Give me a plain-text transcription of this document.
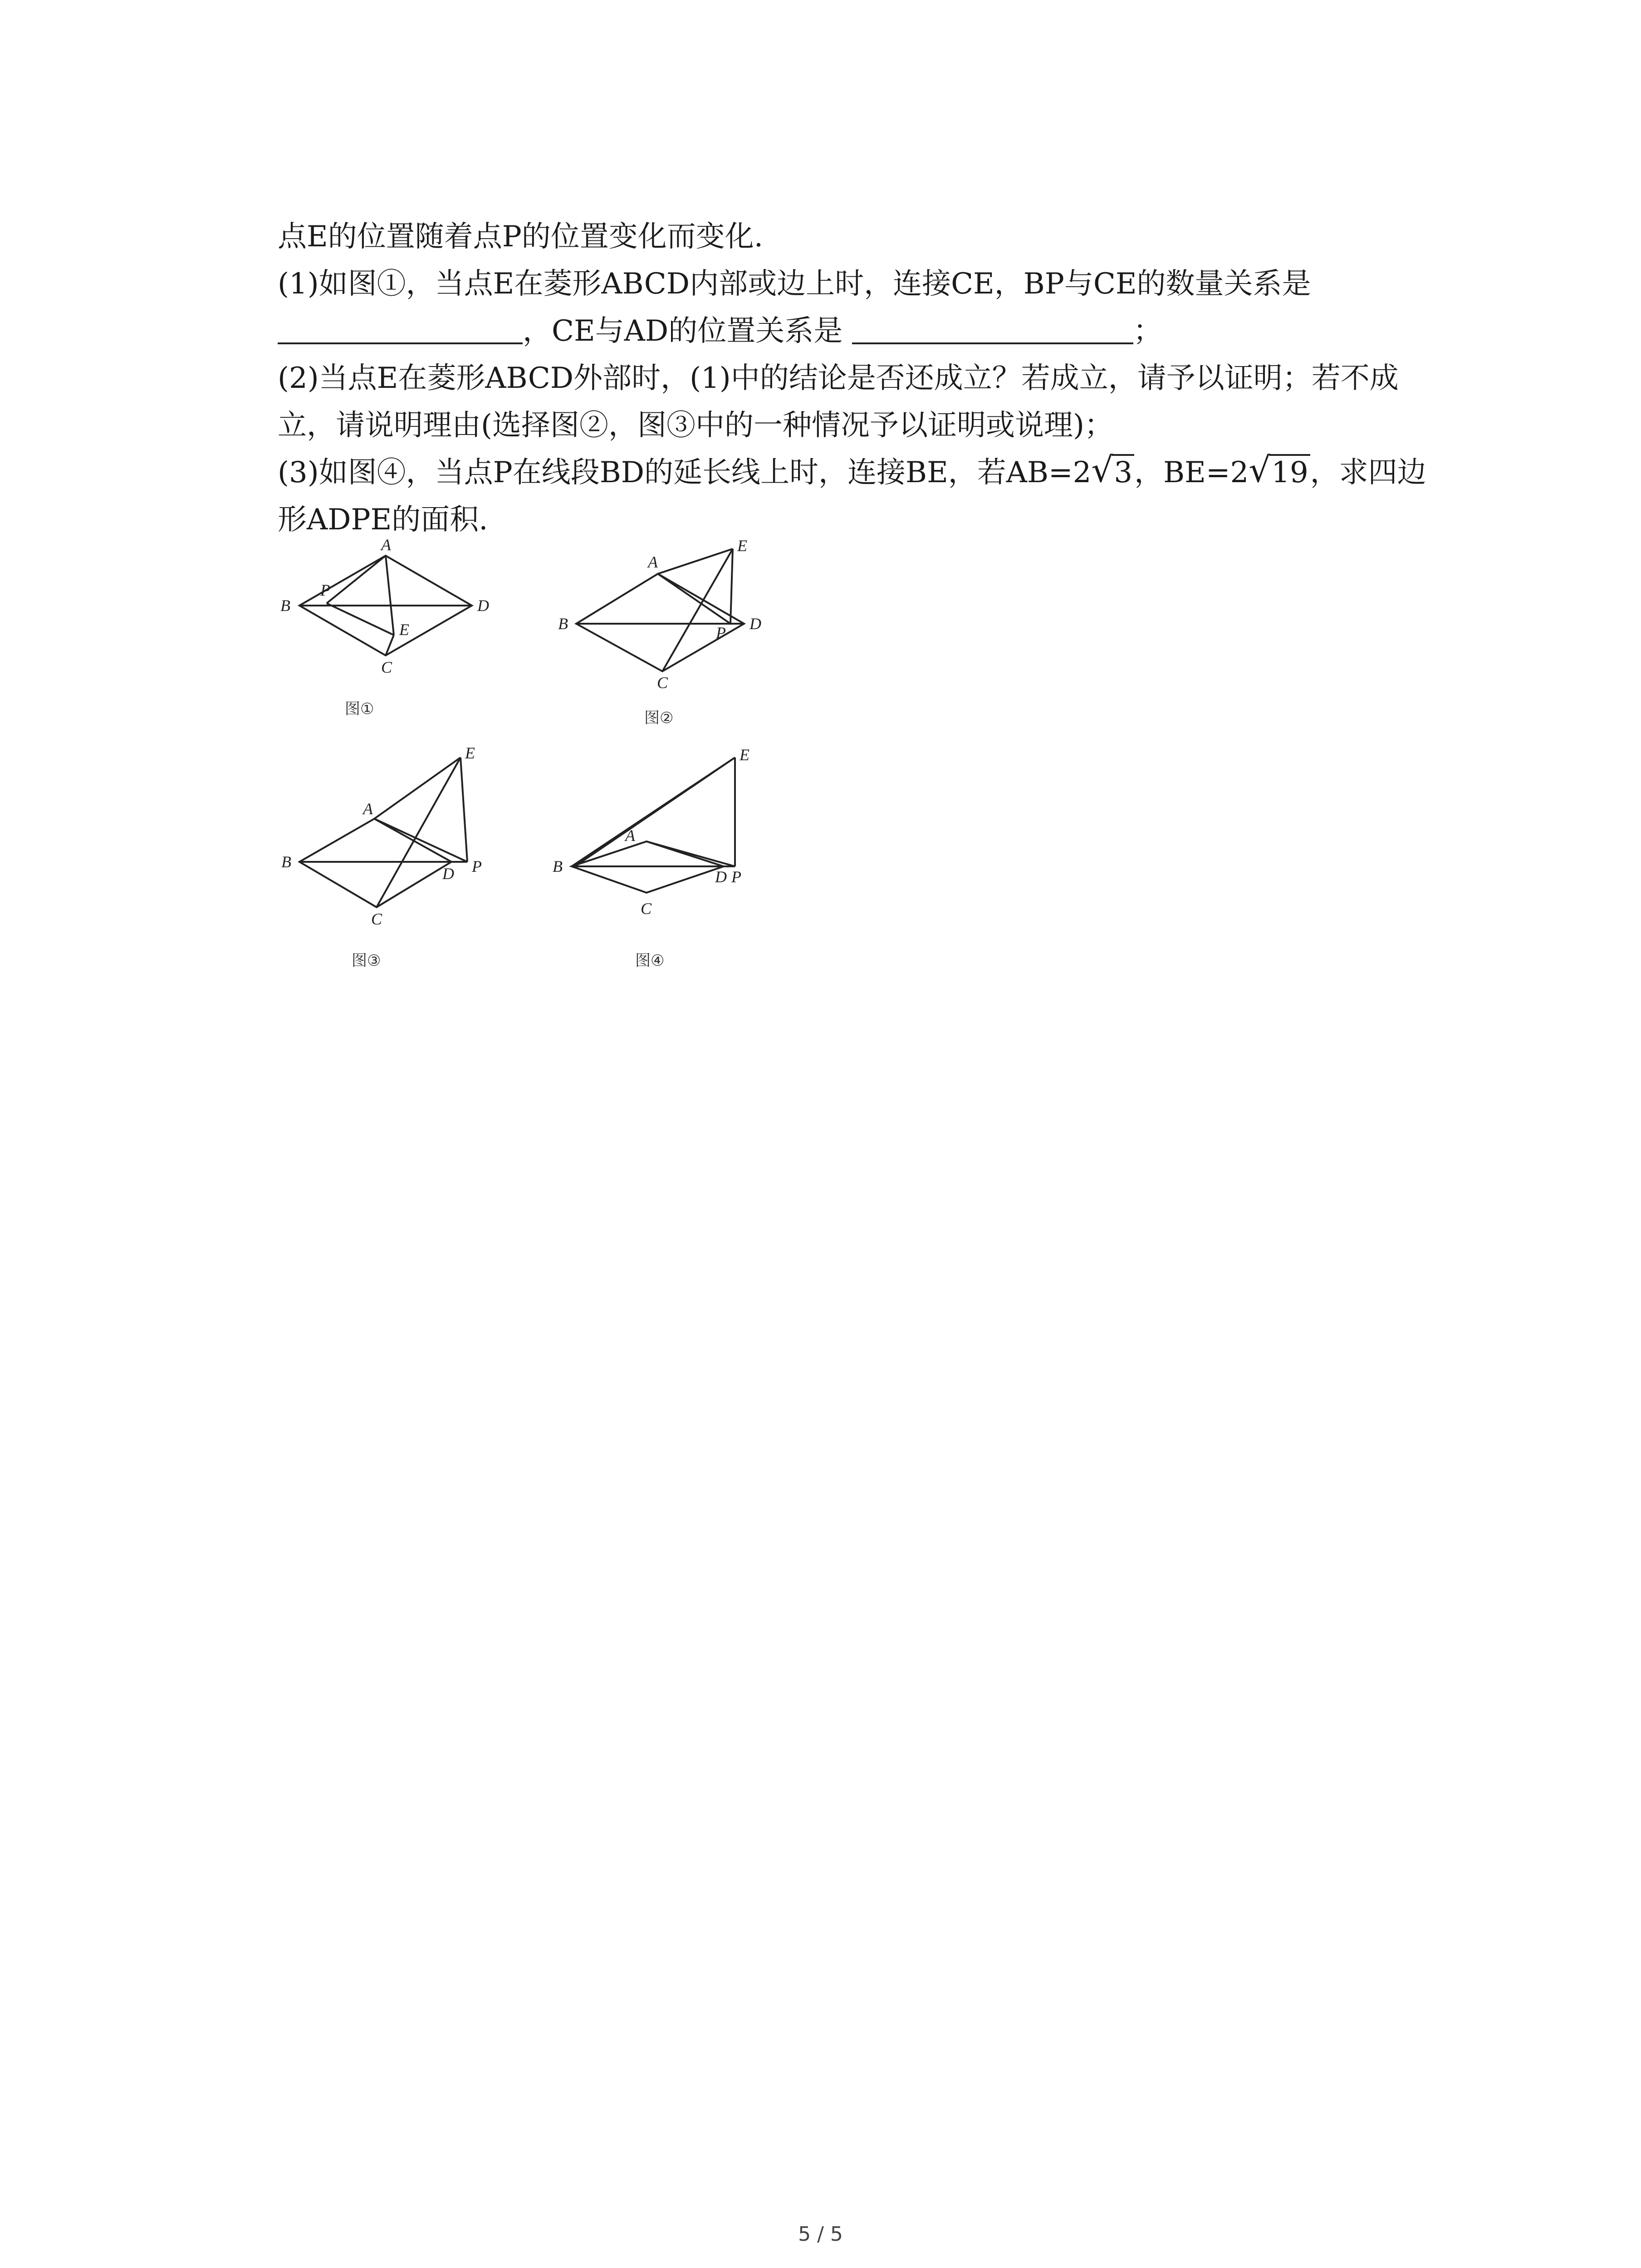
点E的位置随着点P的位置变化而变化.
(1)如图①，当点E在菱形ABCD内部或边上时，连接CE，BP与CE的数量关系是
，CE与AD的位置关系是	；
(2)当点E在菱形ABCD外部时，(1)中的结论是否还成立？若成立，请予以证明；若不成
立，请说明理由(选择图②，图③中的一种情况予以证明或说理)；
(3)如图④，当点P在线段BD的延长线上时，连接BE，若AB=2 √ 3，BE=2 √ 19，求四边
形ADPE的面积.
A
B
C
D
P
E
图①
A
B
C
D
P
E
图②
A
B
C
D P
E
图③
A
B
C
D P
E
图④
5 / 5
